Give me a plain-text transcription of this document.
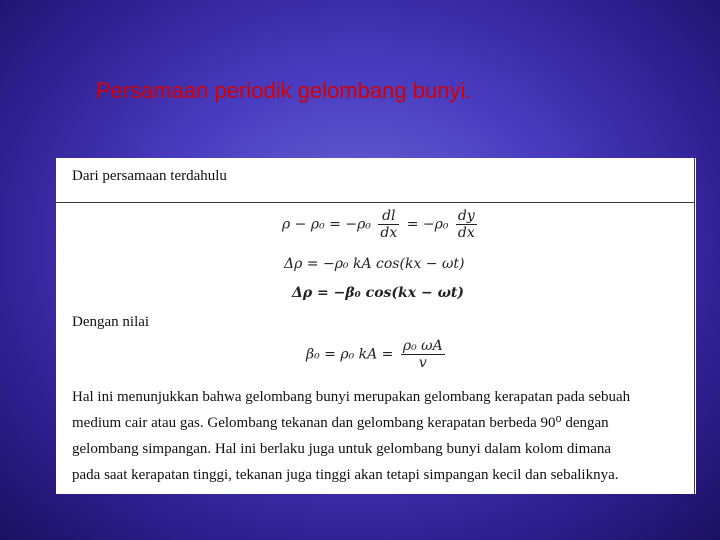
Persamaan periodik gelombang bunyi.
Dari persamaan terdahulu
$\rho - \rho_0 = -\rho_0 \frac{dl}{dx} = -\rho_0 \frac{dy}{dx}$
Δρ = −ρ₀ kA cos(kx − ωt)
Δρ = −β₀ cos(kx − ωt)
Dengan nilai
β₀ = ρ₀ kA = $\frac{\text{ρ₀ ωA}}{v}$
Hal ini menunjukkan bahwa gelombang bunyi merupakan gelombang kerapatan pada sebuah
medium cair atau gas. Gelombang tekanan dan gelombang kerapatan berbeda 90⁰ dengan
gelombang simpangan. Hal ini berlaku juga untuk gelombang bunyi dalam kolom dimana
pada saat kerapatan tinggi, tekanan juga tinggi akan tetapi simpangan kecil dan sebaliknya.
